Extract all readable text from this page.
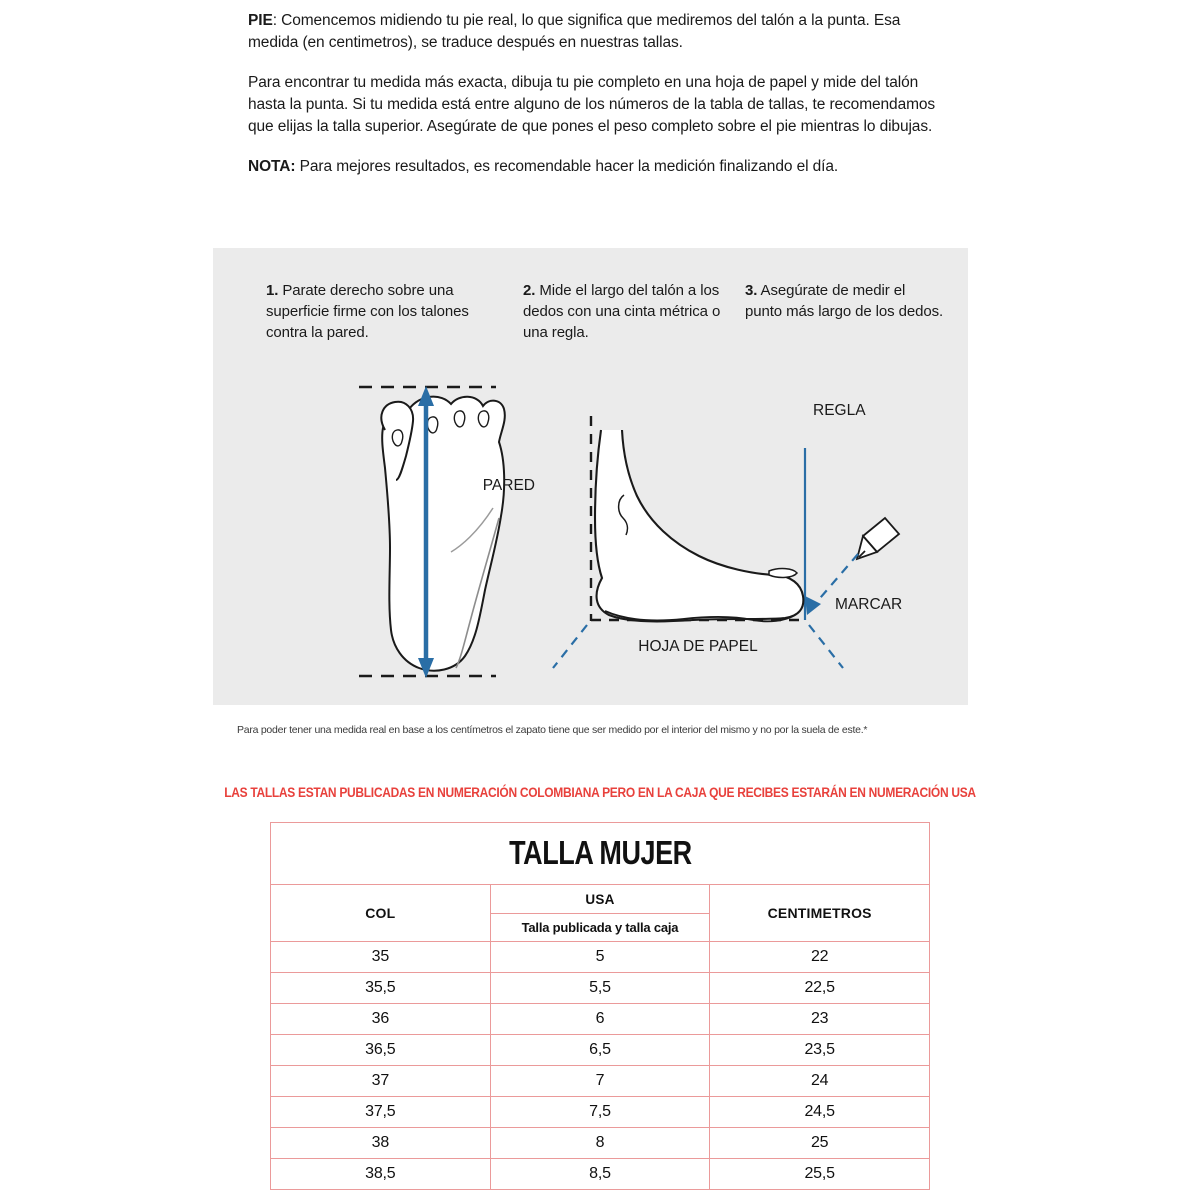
PIE: Comencemos midiendo tu pie real, lo que significa que mediremos del talón a la punta. Esa medida (en centimetros), se traduce después en nuestras tallas.

Para encontrar tu medida más exacta, dibuja tu pie completo en una hoja de papel y mide del talón hasta la punta. Si tu medida está entre alguno de los números de la tabla de tallas, te recomendamos que elijas la talla superior. Asegúrate de que pones el peso completo sobre el pie mientras lo dibujas.

NOTA: Para mejores resultados, es recomendable hacer la medición finalizando el día.

1. Parate derecho sobre una superficie firme con los talones contra la pared.
2. Mide el largo del talón a los dedos con una cinta métrica o una regla.
3. Asegúrate de medir el punto más largo de los dedos.
PARED
REGLA
MARCAR
HOJA DE PAPEL
Para poder tener una medida real en base a los centímetros el zapato tiene que ser medido por el interior del mismo y no por la suela de este.*
LAS TALLAS ESTAN PUBLICADAS EN NUMERACIÓN COLOMBIANA PERO EN LA CAJA QUE RECIBES ESTARÁN EN NUMERACIÓN USA
TALLA MUJER		
COL	USA	CENTIMETROS
	Talla publicada y talla caja	
35	5	22
35,5	5,5	22,5
36	6	23
36,5	6,5	23,5
37	7	24
37,5	7,5	24,5
38	8	25
38,5	8,5	25,5
